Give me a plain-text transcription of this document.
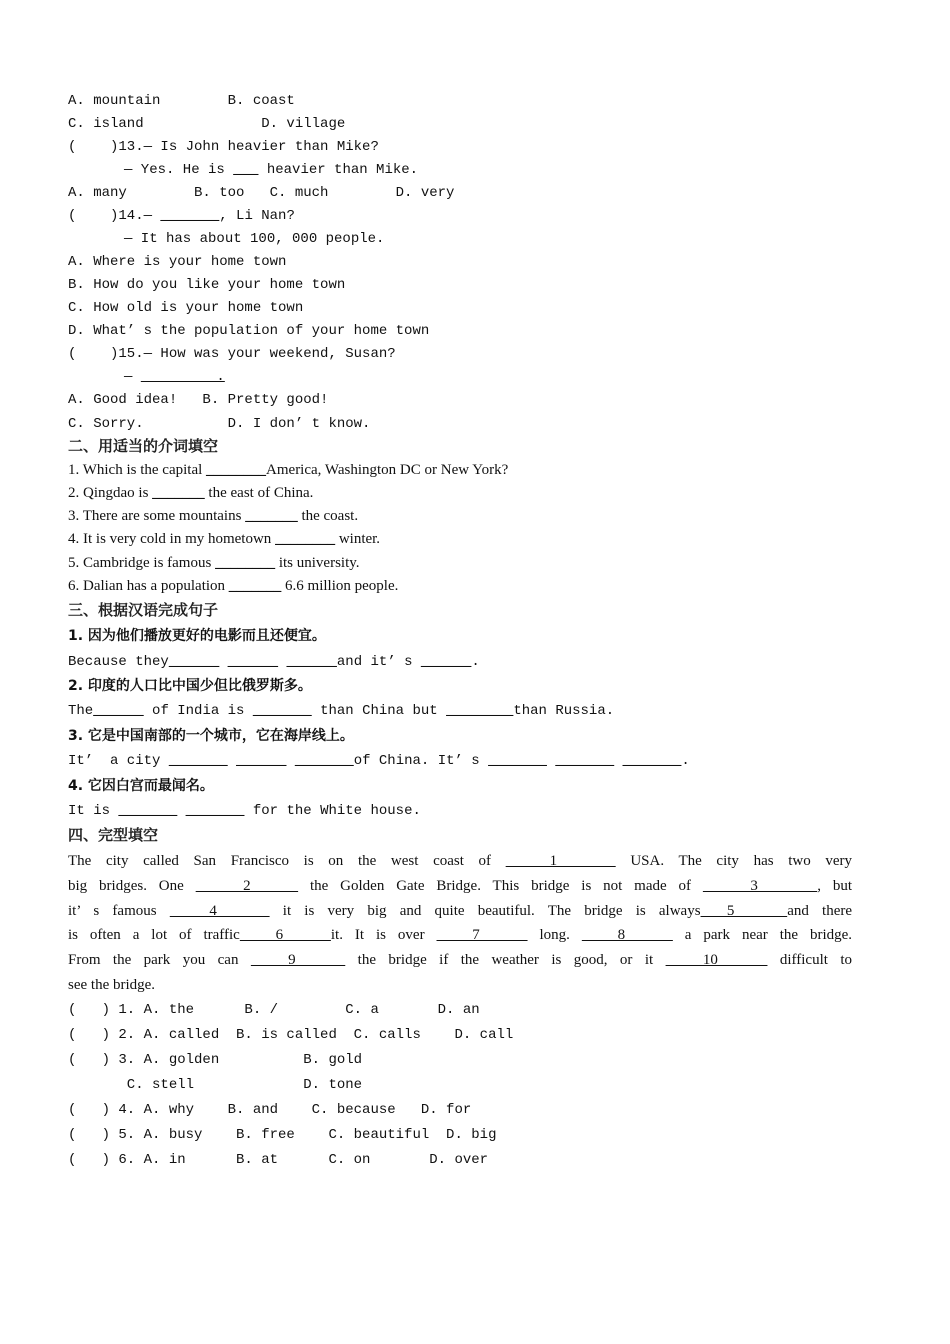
A. mountain        B. coast
C. island              D. village
(    )13.— Is John heavier than Mike?
— Yes. He is ___ heavier than Mike.
A. many        B. too   C. much        D. very
(    )14.— _______, Li Nan?
— It has about 100, 000 people.
A. Where is your home town
B. How do you like your home town
C. How old is your home town
D. What’ s the population of your home town
(    )15.— How was your weekend, Susan?
—          .
A. Good idea!   B. Pretty good!
C. Sorry.          D. I don’ t know.
二、用适当的介词填空
1. Which is the capital ________America, Washington DC or New York?
2. Qingdao is _______ the east of China.
3. There are some mountains _______ the coast.
4. It is very cold in my hometown ________ winter.
5. Cambridge is famous ________ its university.
6. Dalian has a population _______ 6.6 million people.
三、根据汉语完成句子
1. 因为他们播放更好的电影而且还便宜。
Because they______ ______ ______and it’ s ______.
2. 印度的人口比中国少但比俄罗斯多。
The______ of India is _______ than China but ________than Russia.
3. 它是中国南部的一个城市，它在海岸线上。
It’  a city _______ ______ _______of China. It’ s _______ _______ _______.
4. 它因白宫而最闻名。
It is _______ _______ for the White house.
四、完型填空
The city called San Francisco is on the west coast of    1     USA. The city has two very
big bridges. One     2     the Golden Gate Bridge. This bridge is not made of     3     , but
it’ s famous    4     it is very big and quite beautiful. The bridge is always  5    and there
is often a lot of traffic   6    it. It is over    7     long.    8     a park near the bridge.
From the park you can    9     the bridge if the weather is good, or it    10     difficult to
see the bridge.
(   ) 1. A. the      B. /        C. a       D. an
(   ) 2. A. called  B. is called  C. calls    D. call
(   ) 3. A. golden          B. gold
C. stell             D. tone
(   ) 4. A. why    B. and    C. because   D. for
(   ) 5. A. busy    B. free    C. beautiful  D. big
(   ) 6. A. in      B. at      C. on       D. over
